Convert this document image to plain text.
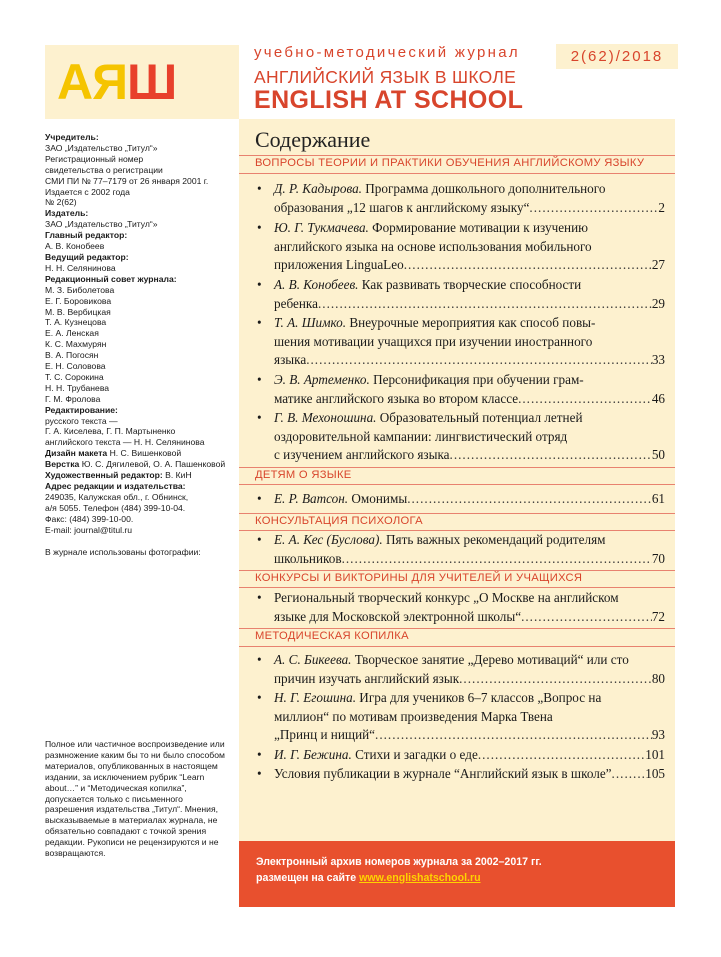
АЯШ
учебно-методический журнал	2(62)/2018
АНГЛИЙСКИЙ ЯЗЫК В ШКОЛЕ
ENGLISH AT SCHOOL
Учредитель:
ЗАО „Издательство „Титул“»
Регистрационный номер
свидетельства о регистрации
СМИ ПИ № 77–7179 от 26 января 2001 г.
Издается с 2002 года
№ 2(62)
Издатель:
ЗАО „Издательство „Титул“»
Главный редактор:
А. В. Конобеев
Ведущий редактор:
Н. Н. Селянинова
Редакционный совет журнала:
М. З. Биболетова
Е. Г. Боровикова
М. В. Вербицкая
Т. А. Кузнецова
Е. А. Ленская
К. С. Махмурян
В. А. Погосян
Е. Н. Солoвова
Т. С. Сорокина
Н. Н. Трубанева
Г. М. Фролова
Редактирование:
русского текста —
Г. А. Киселева, Г. П. Мартыненко
английского текста — Н. Н. Селянинова
Дизайн макета Н. С. Вишенковой
Верстка Ю. С. Дягилевой, О. А. Пашенковой
Художественный редактор: В. КиН
Адрес редакции и издательства:
249035, Калужская обл., г. Обнинск,
а/я 5055. Телефон (484) 399-10-04.
Факс: (484) 399-10-00.
E-mail: journal@titul.ru
В журнале использованы фотографии:
Полное или частичное воспроизведение или размножение каким бы то ни было способом материалов, опубликованных в настоящем издании, за исключением рубрик “Learn about…” и “Методическая копилка”, допускается только с письменного разрешения издательства „Титул“. Мнения, высказываемые в материалах журнала, не обязательно совпадают с точкой зрения редакции. Рукописи не рецензируются и не возвращаются.
Содержание
ВОПРОСЫ ТЕОРИИ И ПРАКТИКИ ОБУЧЕНИЯ АНГЛИЙСКОМУ ЯЗЫКУ
• Д. Р. Кадырова. Программа дошкольного дополнительного
образования „12 шагов к английскому языку“ .....	2
• Ю. Г. Тукмачева. Формирование мотивации к изучению
английского языка на основе использования мобильного
приложения LinguaLeo .....	27
• А. В. Конобеев. Как развивать творческие способности
ребенка .....	29
• Т. А. Шимко. Внеурочные мероприятия как способ повы-
шения мотивации учащихся при изучении иностранного
языка .....	33
• Э. В. Артеменко. Персонификация при обучении грам-
матике английского языка во втором классе .....	46
• Г. В. Мехоношина. Образовательный потенциал летней
оздоровительной кампании: лингвистический отряд
с изучением английского языка .....	50
ДЕТЯМ О ЯЗЫКЕ
• Е. Р. Ватсон. Омонимы .....	61
КОНСУЛЬТАЦИЯ ПСИХОЛОГА
• Е. А. Кес (Буслова). Пять важных рекомендаций родителям
школьников .....	70
КОНКУРСЫ И ВИКТОРИНЫ ДЛЯ УЧИТЕЛЕЙ И УЧАЩИХСЯ
• Региональный творческий конкурс „О Москве на английском
языке для Московской электронной школы“ .....	72
МЕТОДИЧЕСКАЯ КОПИЛКА
• А. С. Бикеева. Творческое занятие „Дерево мотиваций“ или сто
причин изучать английский язык .....	80
• Н. Г. Егошина. Игра для учеников 6–7 классов „Вопрос на
миллион“ по мотивам произведения Марка Твена
„Принц и нищий“ .....	93
• И. Г. Бежина. Стихи и загадки о еде .....	101
• Условия публикации в журнале “Английский язык в школе” .....	105
Электронный архив номеров журнала за 2002–2017 гг.
размещен на сайте www.englishatschool.ru
